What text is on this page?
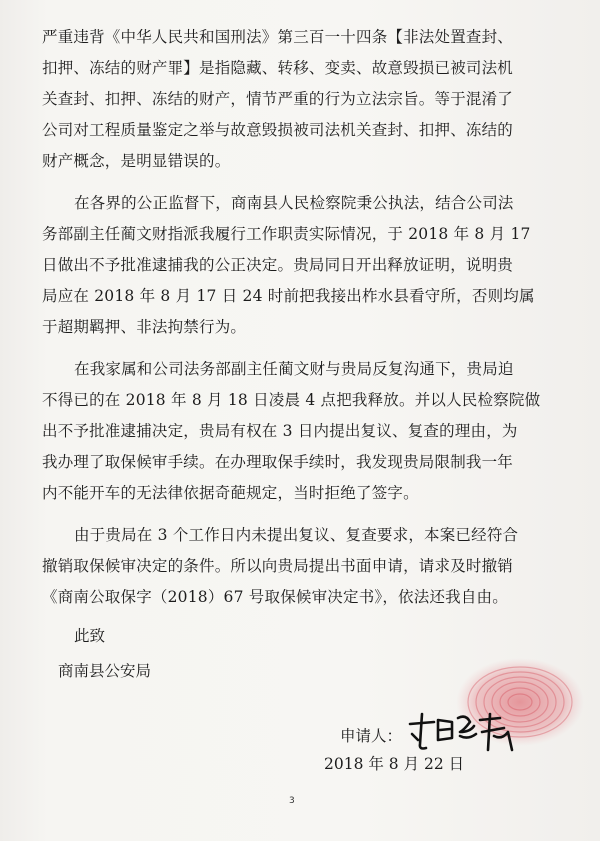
严重违背《中华人民共和国刑法》第三百一十四条【非法处置查封、
扣押、冻结的财产罪】是指隐藏、转移、变卖、故意毁损已被司法机
关查封、扣押、冻结的财产，情节严重的行为立法宗旨。等于混淆了
公司对工程质量鉴定之举与故意毁损被司法机关查封、扣押、冻结的
财产概念，是明显错误的。

在各界的公正监督下，商南县人民检察院秉公执法，结合公司法
务部副主任蔺文财指派我履行工作职责实际情况，于 2018 年 8 月 17
日做出不予批准逮捕我的公正决定。贵局同日开出释放证明，说明贵
局应在 2018 年 8 月 17 日 24 时前把我接出柞水县看守所，否则均属
于超期羁押、非法拘禁行为。

在我家属和公司法务部副主任蔺文财与贵局反复沟通下，贵局迫
不得已的在 2018 年 8 月 18 日凌晨 4 点把我释放。并以人民检察院做
出不予批准逮捕决定，贵局有权在 3 日内提出复议、复查的理由，为
我办理了取保候审手续。在办理取保手续时，我发现贵局限制我一年
内不能开车的无法律依据奇葩规定，当时拒绝了签字。

由于贵局在 3 个工作日内未提出复议、复查要求，本案已经符合
撤销取保候审决定的条件。所以向贵局提出书面申请，请求及时撤销
《商南公取保字（2018）67 号取保候审决定书》，依法还我自由。

此致

商南县公安局

申请人：
2018 年 8 月 22 日
3
